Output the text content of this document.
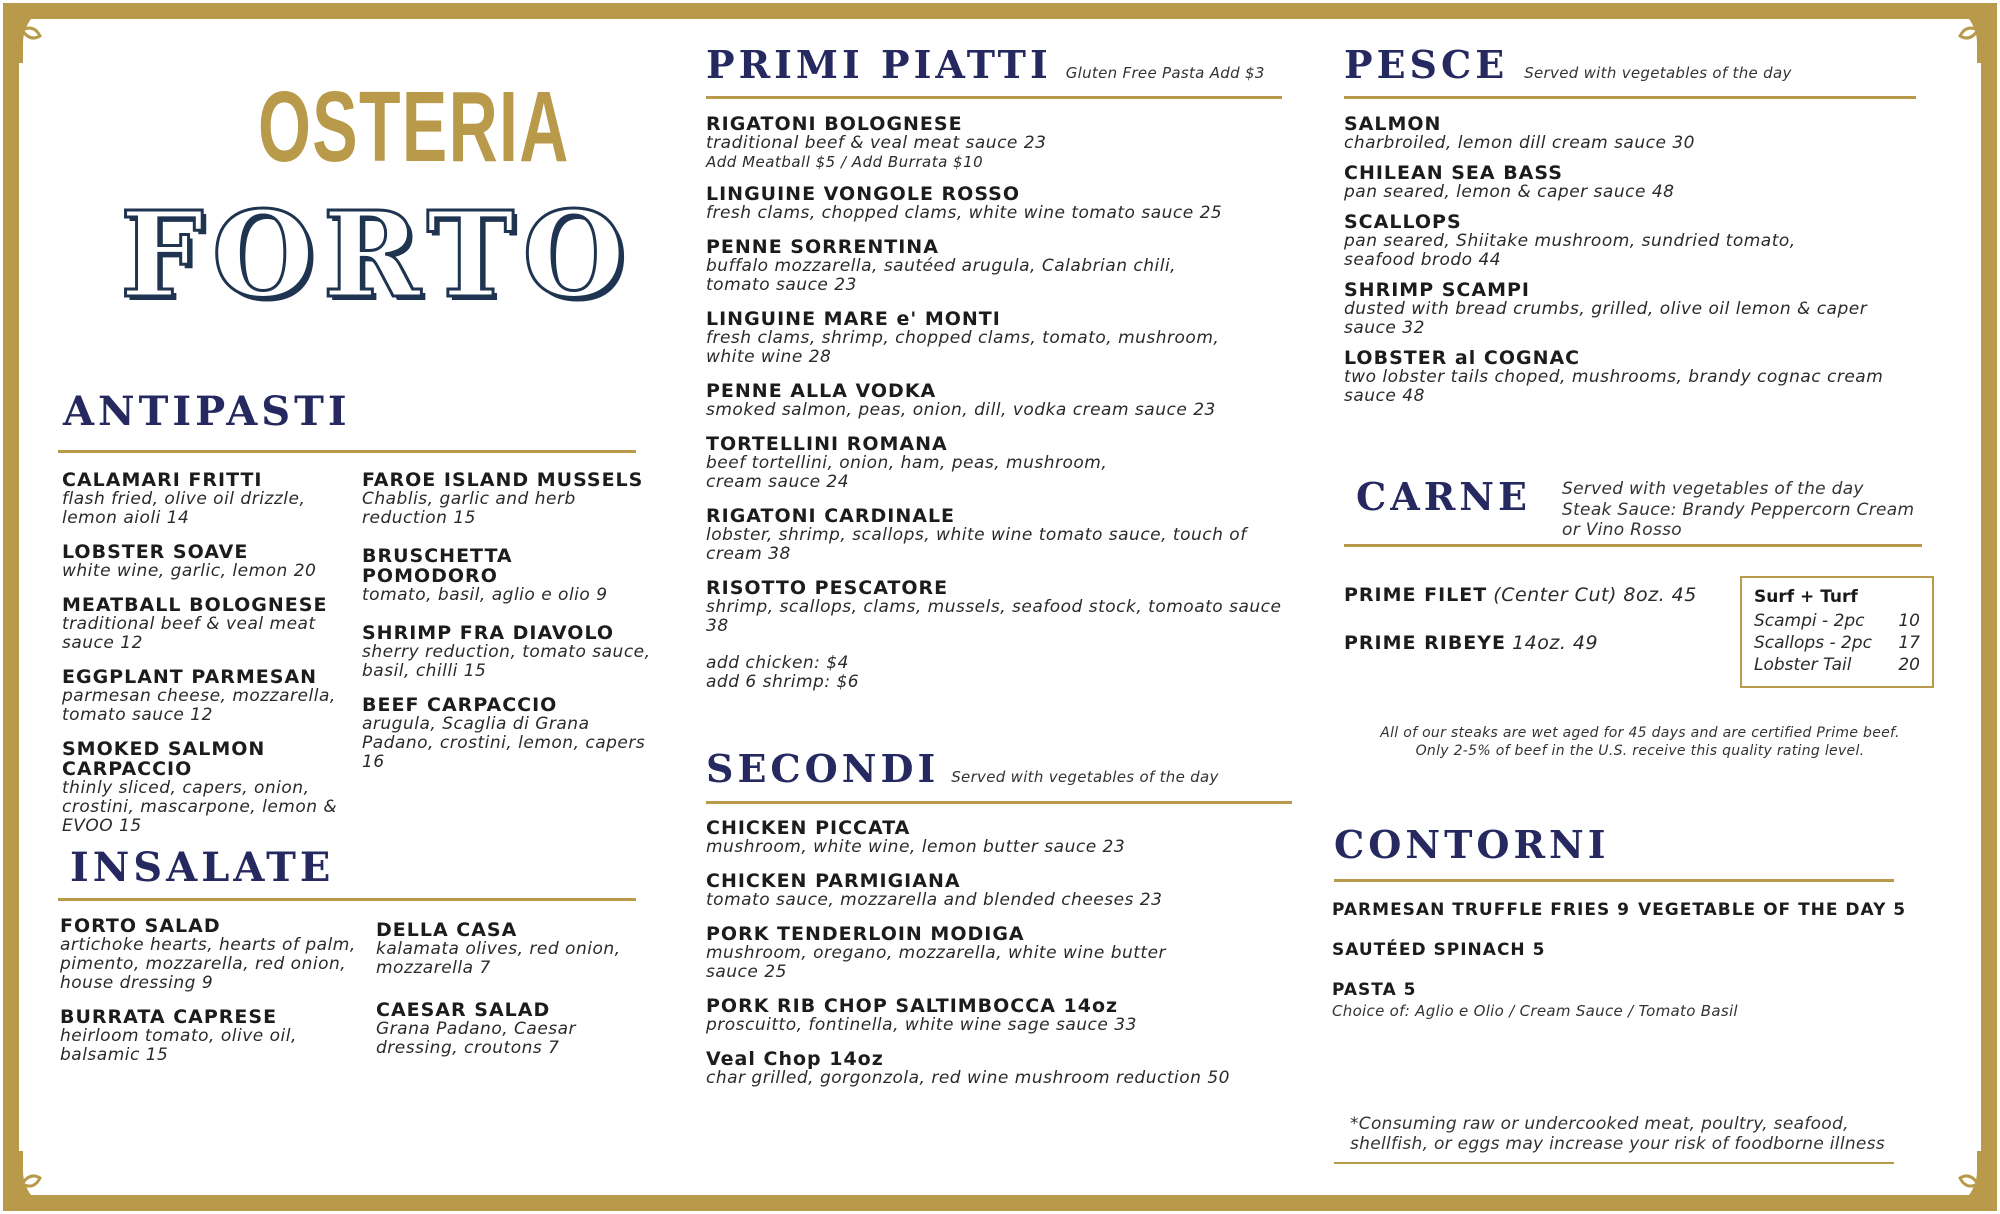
OSTERIA
FORTO
ANTIPASTI
CALAMARI FRITTI
flash fried, olive oil drizzle, lemon aioli 14
LOBSTER SOAVE
white wine, garlic, lemon 20
MEATBALL BOLOGNESE
traditional beef & veal meat sauce 12
EGGPLANT PARMESAN
parmesan cheese, mozzarella, tomato sauce 12
SMOKED SALMON CARPACCIO
thinly sliced, capers, onion, crostini, mascarpone, lemon & EVOO 15
FAROE ISLAND MUSSELS
Chablis, garlic and herb reduction 15
BRUSCHETTA POMODORO
tomato, basil, aglio e olio 9
SHRIMP FRA DIAVOLO
sherry reduction, tomato sauce, basil, chilli 15
BEEF CARPACCIO
arugula, Scaglia di Grana Padano, crostini, lemon, capers 16
INSALATE
FORTO SALAD
artichoke hearts, hearts of palm, pimento, mozzarella, red onion, house dressing 9
BURRATA CAPRESE
heirloom tomato, olive oil, balsamic 15
DELLA CASA
kalamata olives, red onion, mozzarella 7
CAESAR SALAD
Grana Padano, Caesar dressing, croutons 7
PRIMI PIATTI Gluten Free Pasta Add $3
RIGATONI BOLOGNESE
traditional beef & veal meat sauce 23
Add Meatball $5 / Add Burrata $10
LINGUINE VONGOLE ROSSO
fresh clams, chopped clams, white wine tomato sauce 25
PENNE SORRENTINA
buffalo mozzarella, sautéed arugula, Calabrian chili, tomato sauce 23
LINGUINE MARE e' MONTI
fresh clams, shrimp, chopped clams, tomato, mushroom, white wine 28
PENNE ALLA VODKA
smoked salmon, peas, onion, dill, vodka cream sauce 23
TORTELLINI ROMANA
beef tortellini, onion, ham, peas, mushroom, cream sauce 24
RIGATONI CARDINALE
lobster, shrimp, scallops, white wine tomato sauce, touch of cream 38
RISOTTO PESCATORE
shrimp, scallops, clams, mussels, seafood stock, tomoato sauce 38
add chicken: $4
add 6 shrimp: $6
SECONDI Served with vegetables of the day
CHICKEN PICCATA
mushroom, white wine, lemon butter sauce 23
CHICKEN PARMIGIANA
tomato sauce, mozzarella and blended cheeses 23
PORK TENDERLOIN MODIGA
mushroom, oregano, mozzarella, white wine butter sauce 25
PORK RIB CHOP SALTIMBOCCA 14oz
proscuitto, fontinella, white wine sage sauce 33
Veal Chop 14oz
char grilled, gorgonzola, red wine mushroom reduction 50
PESCE Served with vegetables of the day
SALMON
charbroiled, lemon dill cream sauce 30
CHILEAN SEA BASS
pan seared, lemon & caper sauce 48
SCALLOPS
pan seared, Shiitake mushroom, sundried tomato, seafood brodo 44
SHRIMP SCAMPI
dusted with bread crumbs, grilled, olive oil lemon & caper sauce 32
LOBSTER al COGNAC
two lobster tails choped, mushrooms, brandy cognac cream sauce 48
CARNE Served with vegetables of the day
Steak Sauce: Brandy Peppercorn Cream or Vino Rosso
PRIME FILET (Center Cut) 8oz. 45
PRIME RIBEYE 14oz. 49
Surf + Turf
Scampi - 2pc 10
Scallops - 2pc 17
Lobster Tail	20
All of our steaks are wet aged for 45 days and are certified Prime beef.
Only 2-5% of beef in the U.S. receive this quality rating level.
CONTORNI
PARMESAN TRUFFLE FRIES 9 VEGETABLE OF THE DAY 5
SAUTÉED SPINACH 5
PASTA 5
Choice of: Aglio e Olio / Cream Sauce / Tomato Basil
*Consuming raw or undercooked meat, poultry, seafood,
shellfish, or eggs may increase your risk of foodborne illness
